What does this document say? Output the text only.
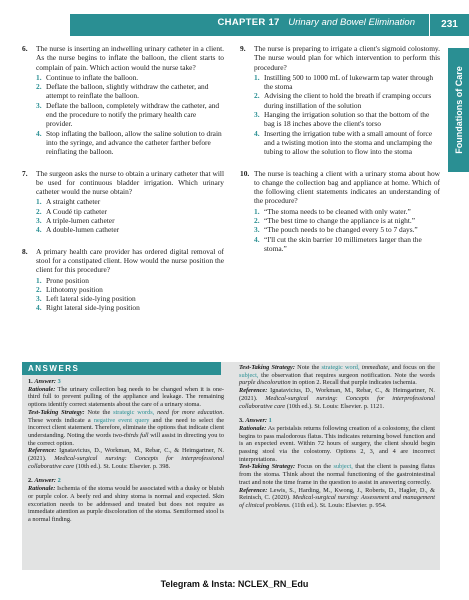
CHAPTER 17 Urinary and Bowel Elimination	231
Foundations of Care
6. The nurse is inserting an indwelling urinary catheter in a client. As the nurse begins to inflate the balloon, the client starts to complain of pain. Which action would the nurse take?
1. Continue to inflate the balloon.
2. Deflate the balloon, slightly withdraw the catheter, and attempt to reinflate the balloon.
3. Deflate the balloon, completely withdraw the catheter, and end the procedure to notify the primary health care provider.
4. Stop inflating the balloon, allow the saline solution to drain into the syringe, and advance the catheter farther before reinflating the balloon.
7. The surgeon asks the nurse to obtain a urinary catheter that will be used for continuous bladder irrigation. Which urinary catheter would the nurse obtain?
1. A straight catheter
2. A Coudé tip catheter
3. A triple-lumen catheter
4. A double-lumen catheter
8. A primary health care provider has ordered digital removal of stool for a constipated client. How would the nurse position the client for this procedure?
1. Prone position
2. Lithotomy position
3. Left lateral side-lying position
4. Right lateral side-lying position
9. The nurse is preparing to irrigate a client's sigmoid colostomy. The nurse would plan for which intervention to perform this procedure?
1. Instilling 500 to 1000 mL of lukewarm tap water through the stoma
2. Advising the client to hold the breath if cramping occurs during instillation of the solution
3. Hanging the irrigation solution so that the bottom of the bag is 18 inches above the client's torso
4. Inserting the irrigation tube with a small amount of force and a twisting motion into the stoma and unclamping the tubing to allow the solution to flow into the stoma
10. The nurse is teaching a client with a urinary stoma about how to change the collection bag and appliance at home. Which of the following client statements indicates an understanding of the procedure?
1. “The stoma needs to be cleaned with only water.”
2. “The best time to change the appliance is at night.”
3. “The pouch needs to be changed every 5 to 7 days.”
4. “I'll cut the skin barrier 10 millimeters larger than the stoma.”
ANSWERS

1. Answer: 3

Rationale: The urinary collection bag needs to be changed when it is one-third full to prevent pulling of the appliance and leakage. The remaining options identify correct statements about the care of a urinary stoma.

Test-Taking Strategy: Note the strategic words, need for more education. These words indicate a negative event query and the need to select the incorrect client statement. Therefore, eliminate the options that indicate client understanding. Noting the words two-thirds full will assist in directing you to the correct option.

Reference: Ignatavicius, D., Workman, M., Rebar, C., & Heimgartner, N. (2021). Medical-surgical nursing: Concepts for interprofessional collaborative care (10th ed.). St. Louis: Elsevier. p. 398.

2. Answer: 2

Rationale: Ischemia of the stoma would be associated with a dusky or bluish or purple color. A beefy red and shiny stoma is normal and expected. Skin excoriation needs to be addressed and treated but does not require as immediate attention as purple discoloration of the stoma. Semiformed stool is a normal finding.

Test-Taking Strategy: Note the strategic word, immediate, and focus on the subject, the observation that requires surgeon notification. Note the words purple discoloration in option 2. Recall that purple indicates ischemia.

Reference: Ignatavicius, D., Workman, M., Rebar, C., & Heimgartner, N. (2021). Medical-surgical nursing: Concepts for interprofessional collaborative care (10th ed.). St. Louis: Elsevier. p. 1121.

3. Answer: 1

Rationale: As peristalsis returns following creation of a colostomy, the client begins to pass malodorous flatus. This indicates returning bowel function and is an expected event. Within 72 hours of surgery, the client should begin passing stool via the colostomy. Options 2, 3, and 4 are incorrect interpretations.

Test-Taking Strategy: Focus on the subject, that the client is passing flatus from the stoma. Think about the normal functioning of the gastrointestinal tract and note the time frame in the question to assist in answering correctly.

Reference: Lewis, S., Harding, M., Kwong, J., Roberts, D., Hagler, D., & Reinisch, C. (2020). Medical-surgical nursing: Assessment and management of clinical problems. (11th ed.). St. Louis: Elsevier. p. 954.

Telegram & Insta: NCLEX_RN_Edu
